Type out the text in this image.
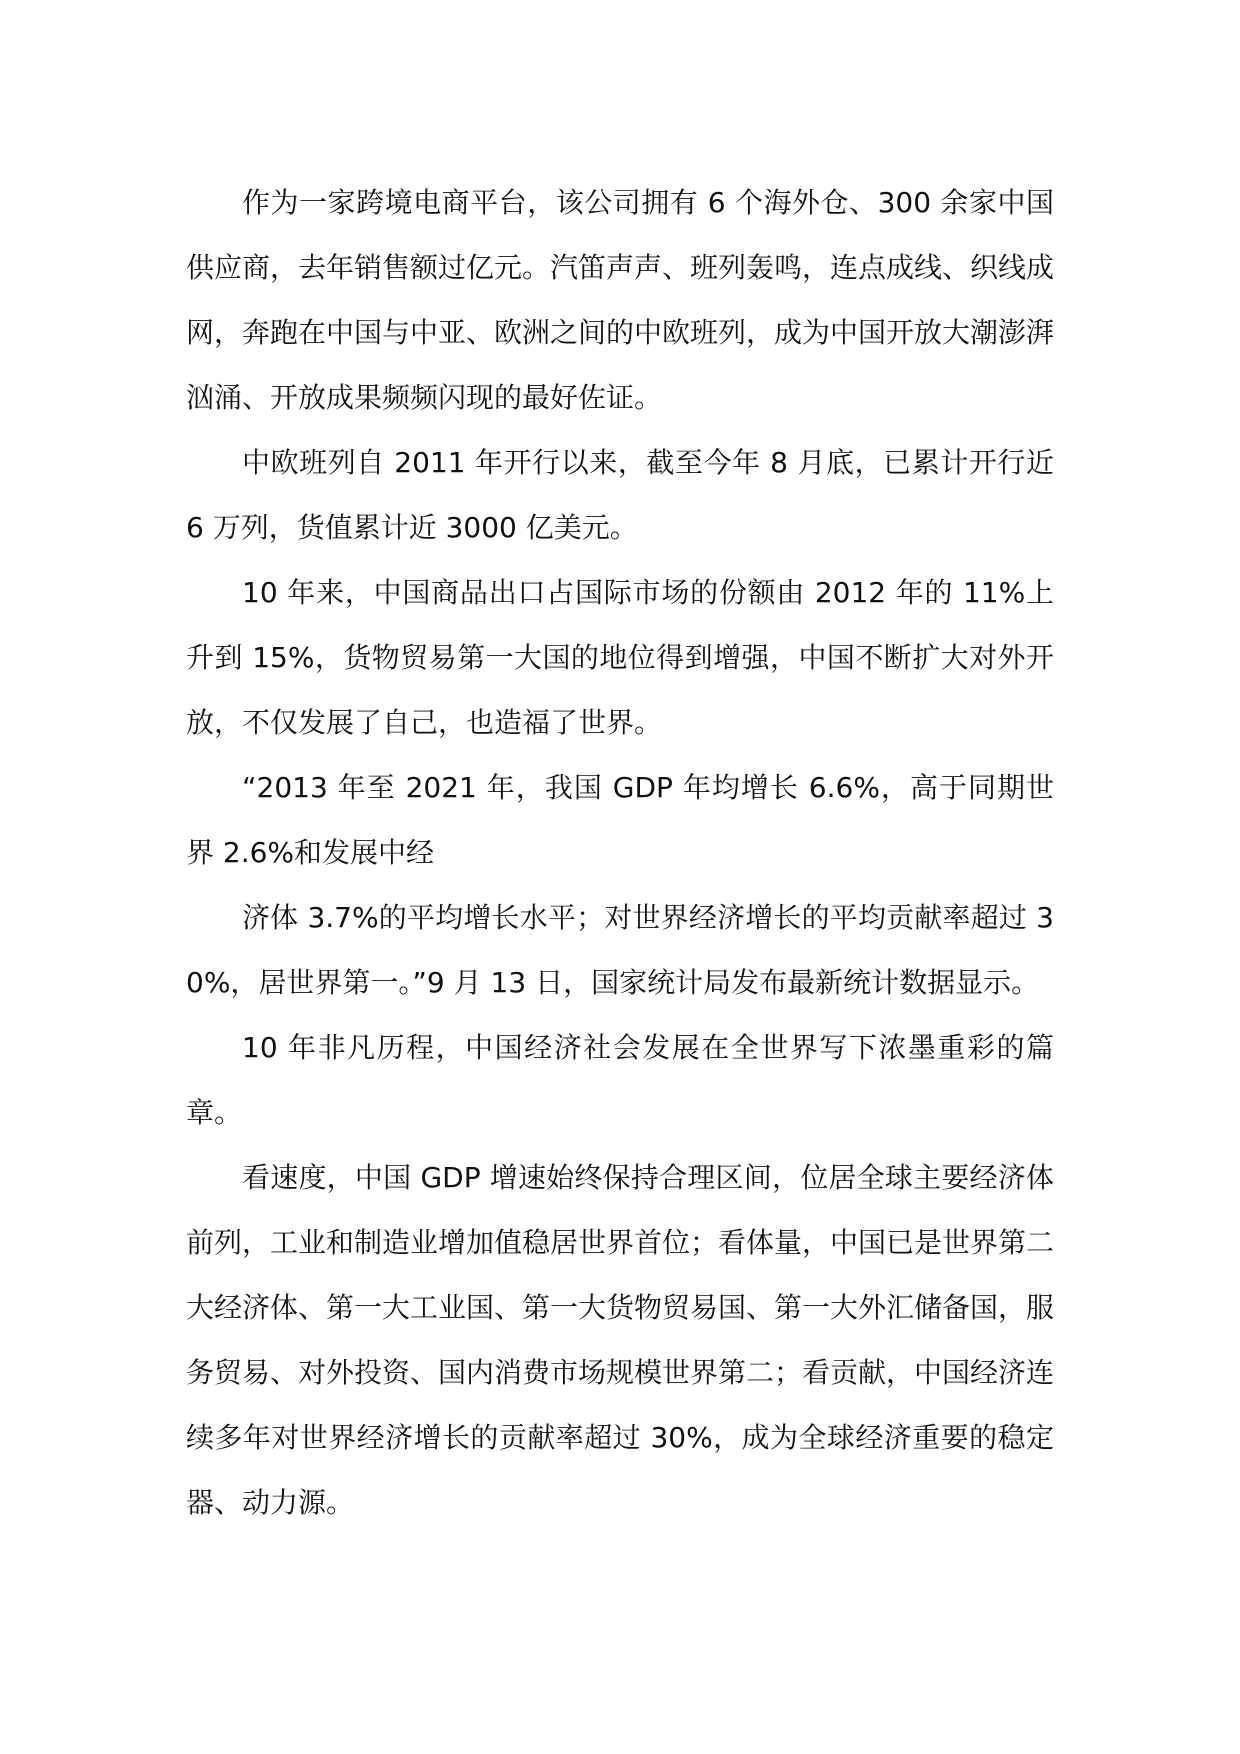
作为一家跨境电商平台，该公司拥有 6 个海外仓、300 余家中国供应商，去年销售额过亿元。汽笛声声、班列轰鸣，连点成线、织线成网，奔跑在中国与中亚、欧洲之间的中欧班列，成为中国开放大潮澎湃汹涌、开放成果频频闪现的最好佐证。

中欧班列自 2011 年开行以来，截至今年 8 月底，已累计开行近 6 万列，货值累计近 3000 亿美元。

10 年来，中国商品出口占国际市场的份额由 2012 年的 11%上升到 15%，货物贸易第一大国的地位得到增强，中国不断扩大对外开放，不仅发展了自己，也造福了世界。

“2013 年至 2021 年，我国 GDP 年均增长 6.6%，高于同期世界 2.6%和发展中经

济体 3.7%的平均增长水平；对世界经济增长的平均贡献率超过 30%，居世界第一。”9 月 13 日，国家统计局发布最新统计数据显示。

10 年非凡历程，中国经济社会发展在全世界写下浓墨重彩的篇章。

看速度，中国 GDP 增速始终保持合理区间，位居全球主要经济体前列，工业和制造业增加值稳居世界首位；看体量，中国已是世界第二大经济体、第一大工业国、第一大货物贸易国、第一大外汇储备国，服务贸易、对外投资、国内消费市场规模世界第二；看贡献，中国经济连续多年对世界经济增长的贡献率超过 30%，成为全球经济重要的稳定器、动力源。
